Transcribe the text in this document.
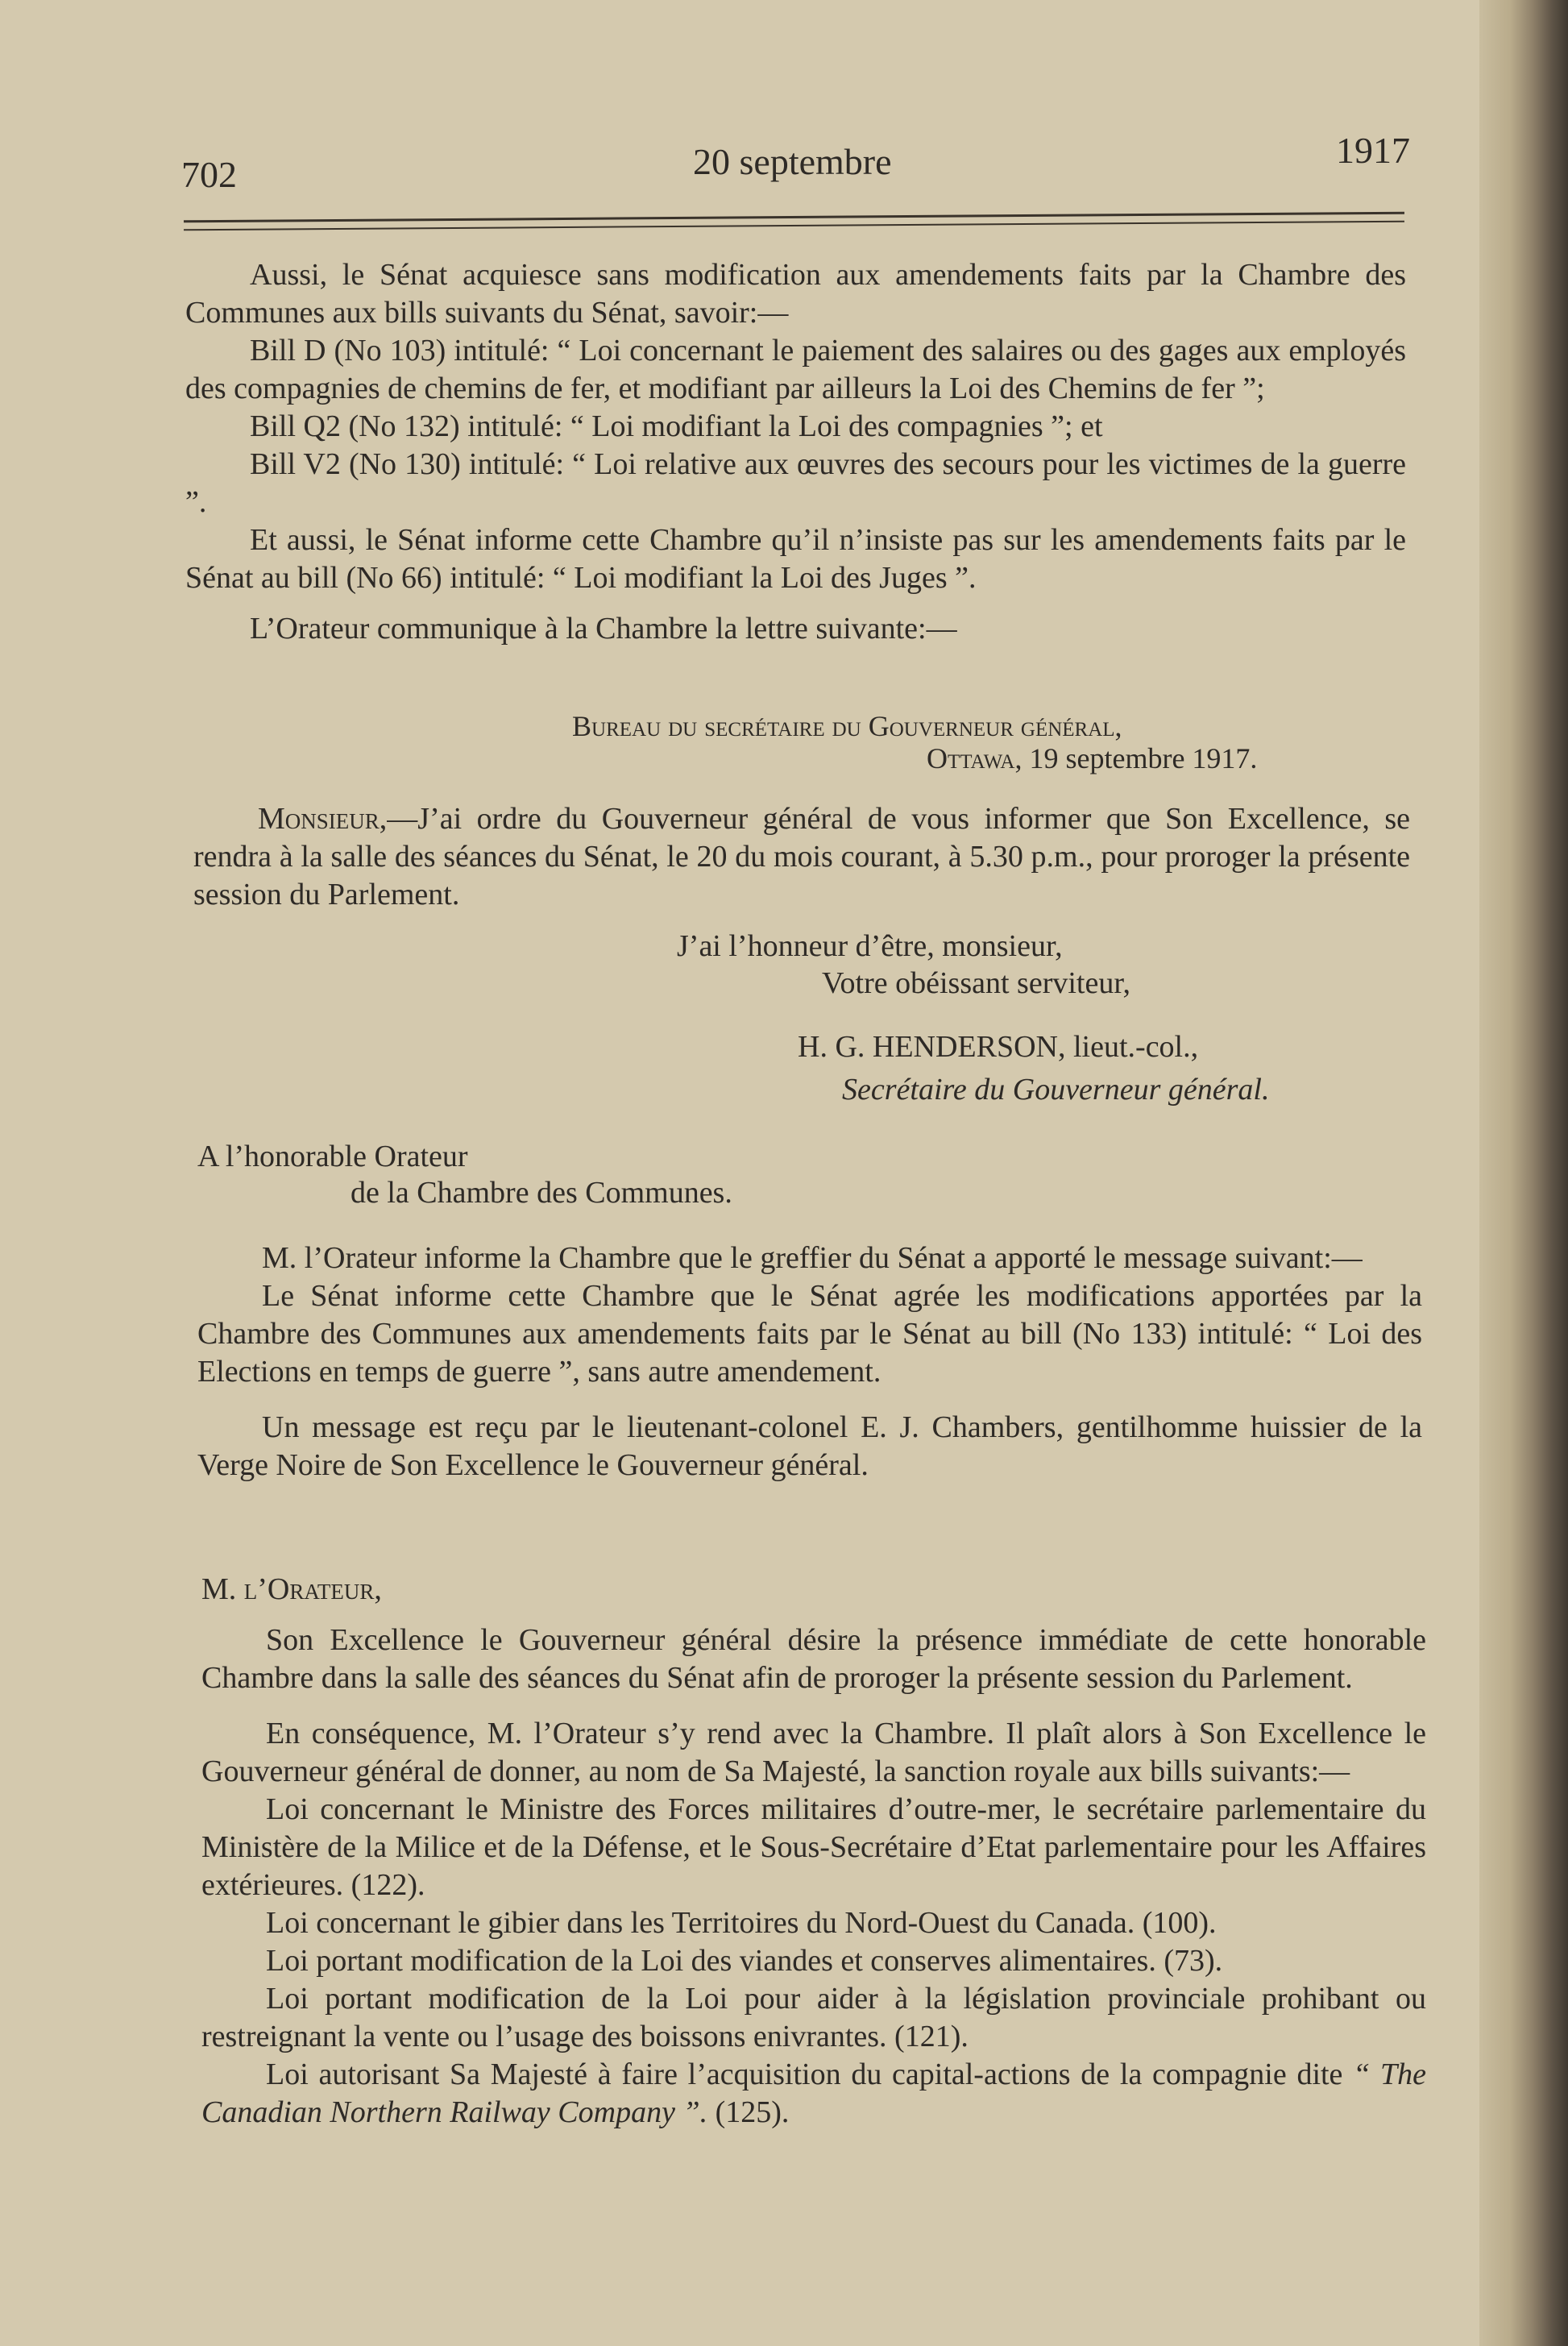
702	20 septembre	1917

Aussi, le Sénat acquiesce sans modification aux amendements faits par la Chambre des Communes aux bills suivants du Sénat, savoir:—

Bill D (No 103) intitulé: “ Loi concernant le paiement des salaires ou des gages aux employés des compagnies de chemins de fer, et modifiant par ailleurs la Loi des Chemins de fer ”;

Bill Q2 (No 132) intitulé: “ Loi modifiant la Loi des compagnies ”; et

Bill V2 (No 130) intitulé: “ Loi relative aux œuvres des secours pour les victimes de la guerre ”.

Et aussi, le Sénat informe cette Chambre qu’il n’insiste pas sur les amendements faits par le Sénat au bill (No 66) intitulé: “ Loi modifiant la Loi des Juges ”.

L’Orateur communique à la Chambre la lettre suivante:—

Bureau du secrétaire du Gouverneur général,
Ottawa, 19 septembre 1917.
Monsieur,—J’ai ordre du Gouverneur général de vous informer que Son Excellence, se rendra à la salle des séances du Sénat, le 20 du mois courant, à 5.30 p.m., pour proroger la présente session du Parlement.
J’ai l’honneur d’être, monsieur,
Votre obéissant serviteur,
H. G. HENDERSON, lieut.-col.,
Secrétaire du Gouverneur général.
A l’honorable Orateur
de la Chambre des Communes.

M. l’Orateur informe la Chambre que le greffier du Sénat a apporté le message suivant:—

Le Sénat informe cette Chambre que le Sénat agrée les modifications apportées par la Chambre des Communes aux amendements faits par le Sénat au bill (No 133) intitulé: “ Loi des Elections en temps de guerre ”, sans autre amendement.

Un message est reçu par le lieutenant-colonel E. J. Chambers, gentilhomme huissier de la Verge Noire de Son Excellence le Gouverneur général.

M. l’Orateur,

Son Excellence le Gouverneur général désire la présence immédiate de cette honorable Chambre dans la salle des séances du Sénat afin de proroger la présente session du Parlement.

En conséquence, M. l’Orateur s’y rend avec la Chambre. Il plaît alors à Son Excellence le Gouverneur général de donner, au nom de Sa Majesté, la sanction royale aux bills suivants:—

Loi concernant le Ministre des Forces militaires d’outre-mer, le secrétaire parlementaire du Ministère de la Milice et de la Défense, et le Sous-Secrétaire d’Etat parlementaire pour les Affaires extérieures. (122).

Loi concernant le gibier dans les Territoires du Nord-Ouest du Canada. (100).

Loi portant modification de la Loi des viandes et conserves alimentaires. (73).

Loi portant modification de la Loi pour aider à la législation provinciale prohibant ou restreignant la vente ou l’usage des boissons enivrantes. (121).

Loi autorisant Sa Majesté à faire l’acquisition du capital-actions de la compagnie dite “ The Canadian Northern Railway Company ”. (125).
